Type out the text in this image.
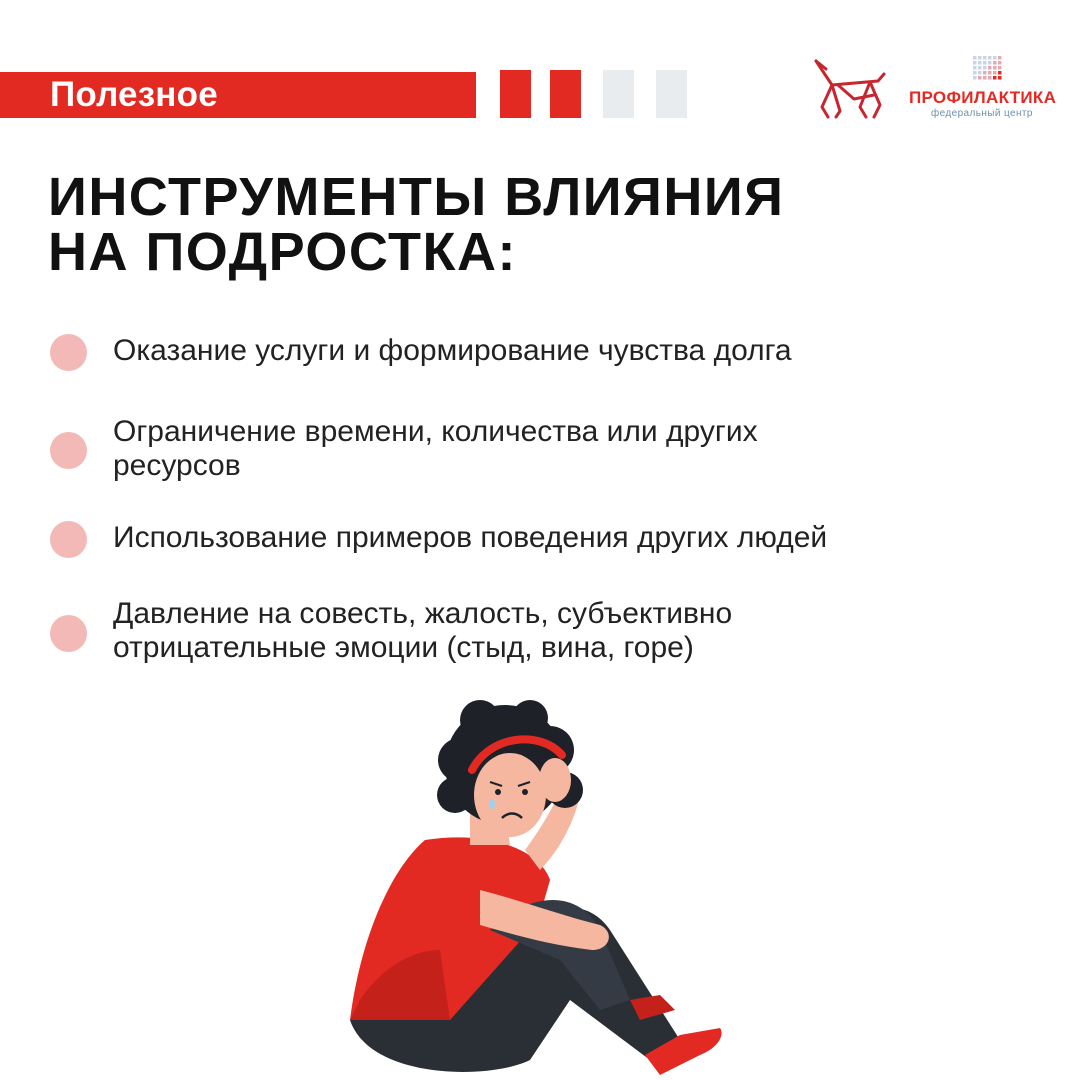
Полезное	ПРОФИЛАКТИКА
федеральный центр
ИНСТРУМЕНТЫ ВЛИЯНИЯ
НА ПОДРОСТКА:
Оказание услуги и формирование чувства долга
Ограничение времени, количества или других
ресурсов
Использование примеров поведения других людей
Давление на совесть, жалость, субъективно
отрицательные эмоции (стыд, вина, горе)
